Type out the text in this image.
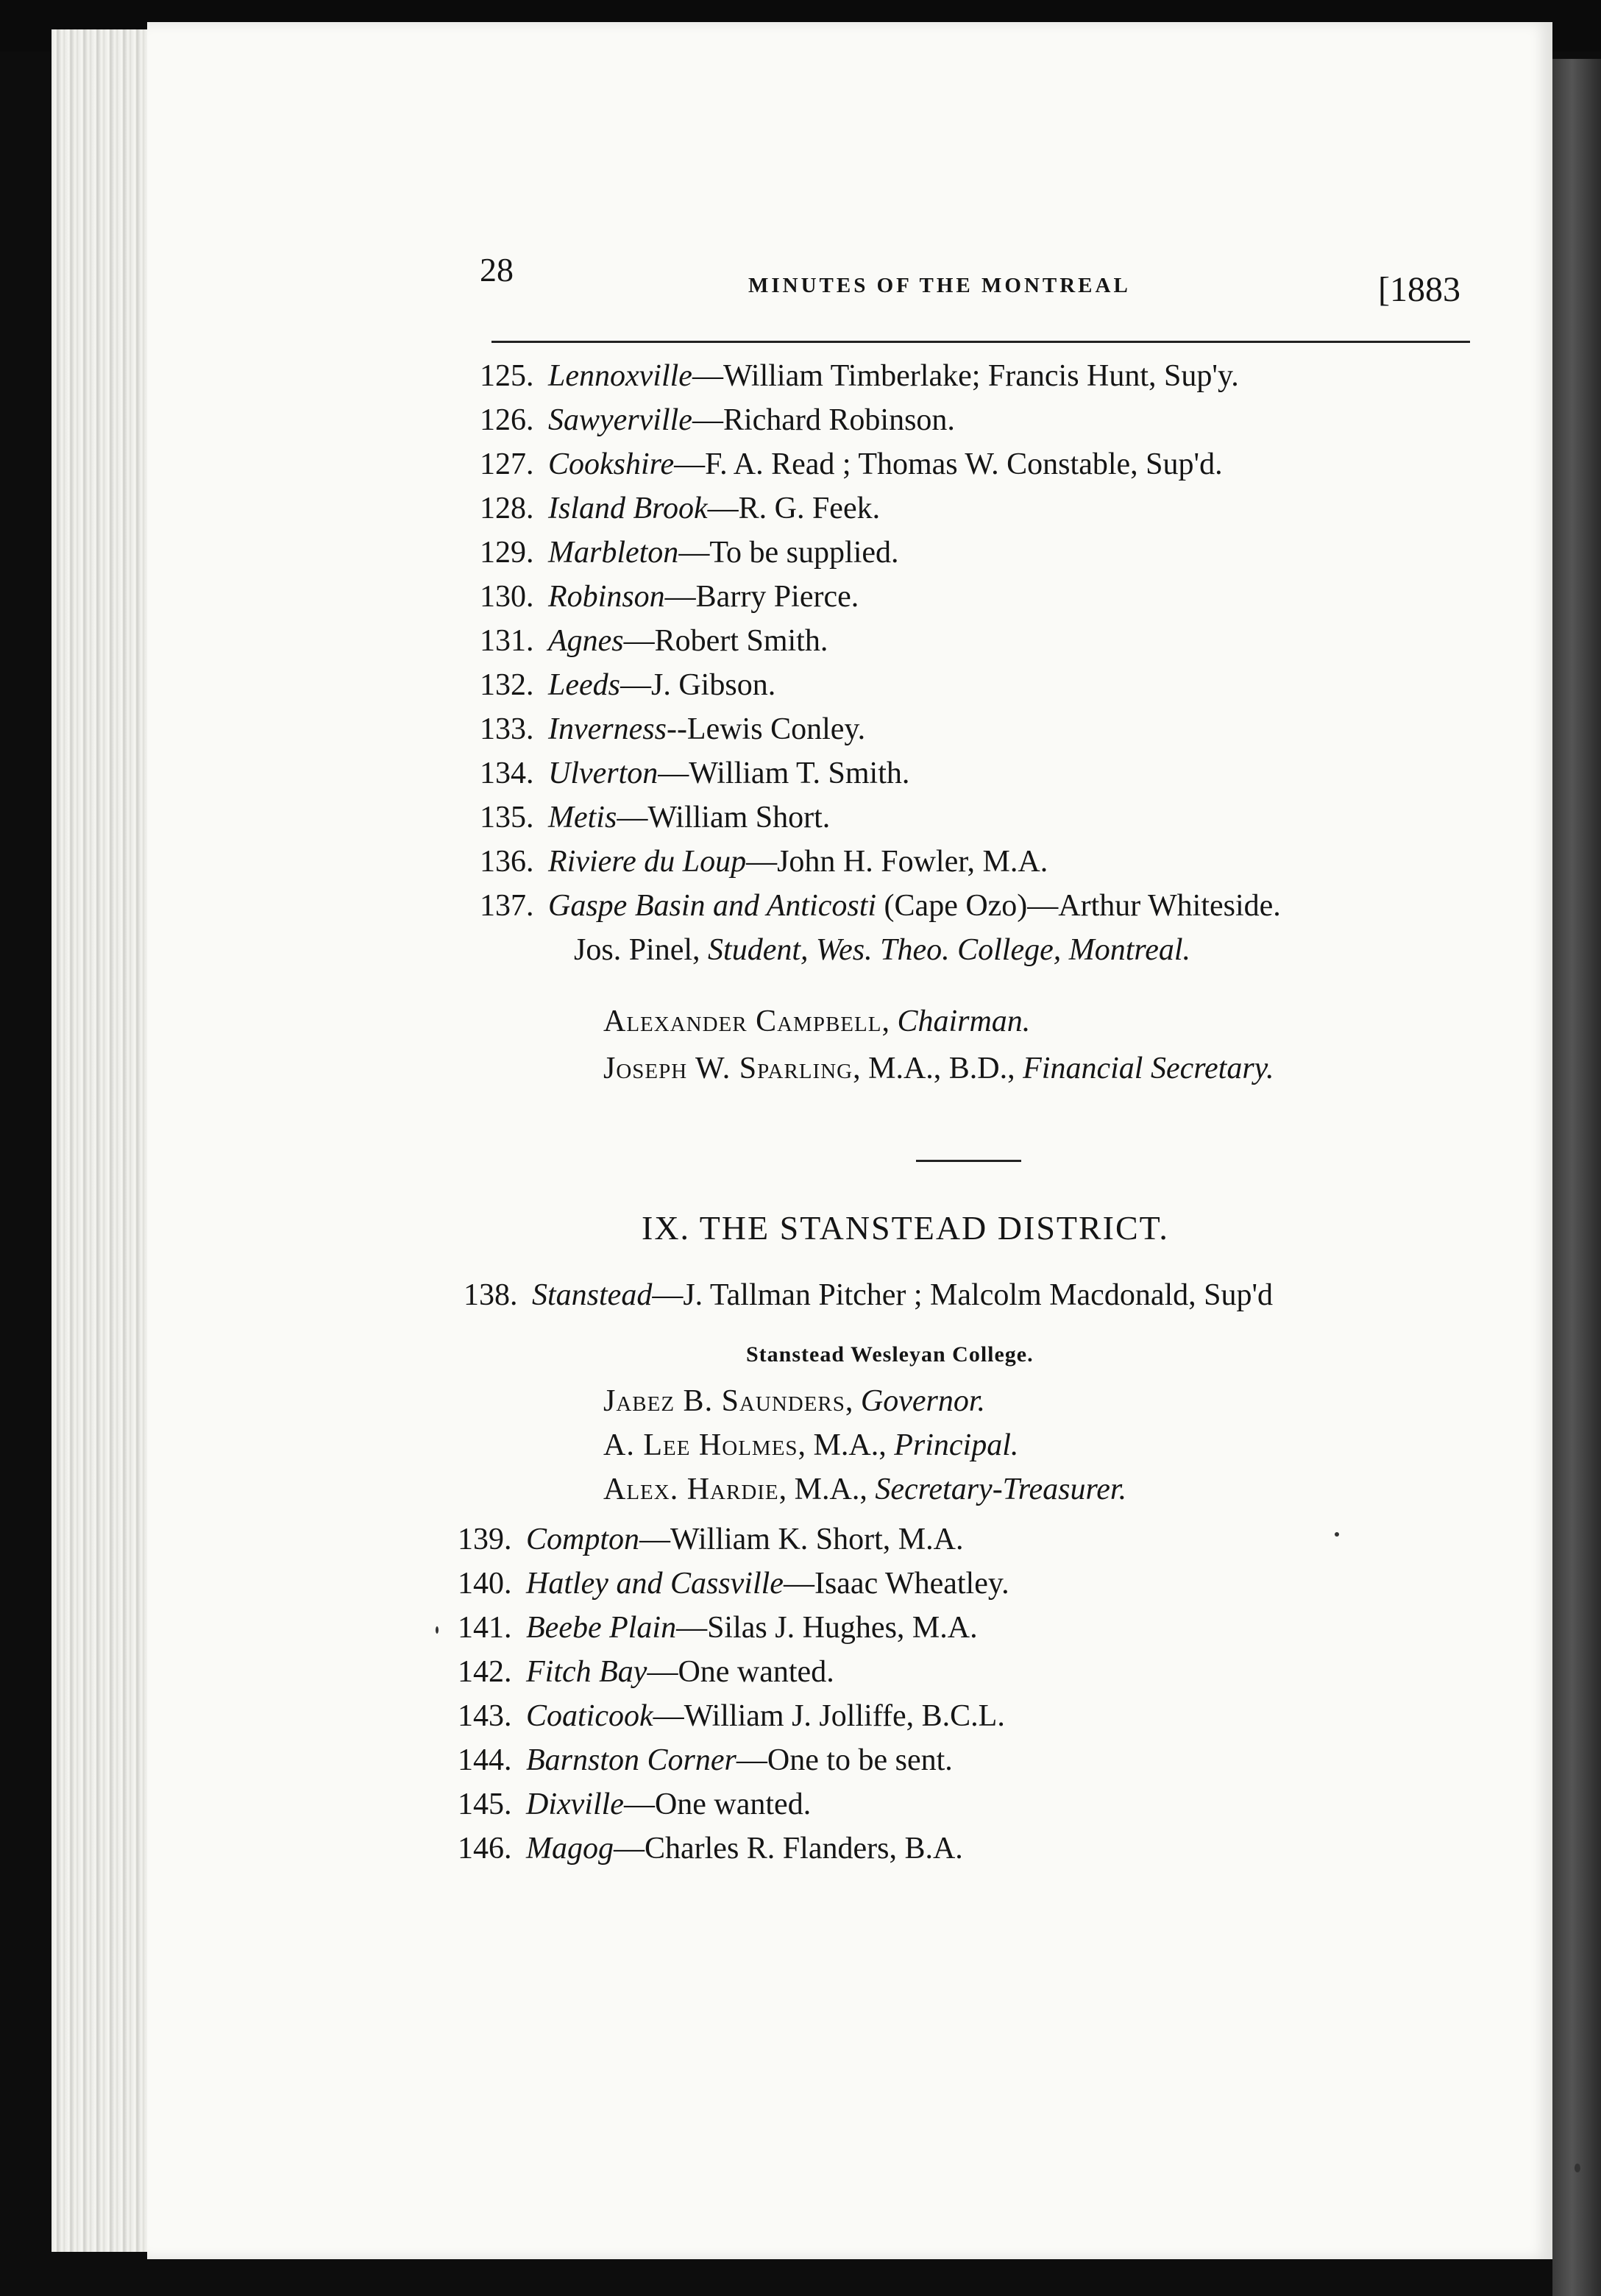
28	MINUTES OF THE MONTREAL	[1883
125. Lennoxville—William Timberlake; Francis Hunt, Sup'y.
126. Sawyerville—Richard Robinson.
127. Cookshire—F. A. Read ; Thomas W. Constable, Sup'd.
128. Island Brook—R. G. Feek.
129. Marbleton—To be supplied.
130. Robinson—Barry Pierce.
131. Agnes—Robert Smith.
132. Leeds—J. Gibson.
133. Inverness--Lewis Conley.
134. Ulverton—William T. Smith.
135. Metis—William Short.
136. Riviere du Loup—John H. Fowler, M.A.
137. Gaspe Basin and Anticosti (Cape Ozo)—Arthur Whiteside.
Jos. Pinel, Student, Wes. Theo. College, Montreal.
Alexander Campbell, Chairman.
Joseph W. Sparling, M.A., B.D., Financial Secretary.
IX. THE STANSTEAD DISTRICT.
138. Stanstead—J. Tallman Pitcher ; Malcolm Macdonald, Sup'd
Stanstead Wesleyan College.
Jabez B. Saunders, Governor.
A. Lee Holmes, M.A., Principal.
Alex. Hardie, M.A., Secretary-Treasurer.
139. Compton—William K. Short, M.A.
140. Hatley and Cassville—Isaac Wheatley.
141. Beebe Plain—Silas J. Hughes, M.A.
142. Fitch Bay—One wanted.
143. Coaticook—William J. Jolliffe, B.C.L.
144. Barnston Corner—One to be sent.
145. Dixville—One wanted.
146. Magog—Charles R. Flanders, B.A.
